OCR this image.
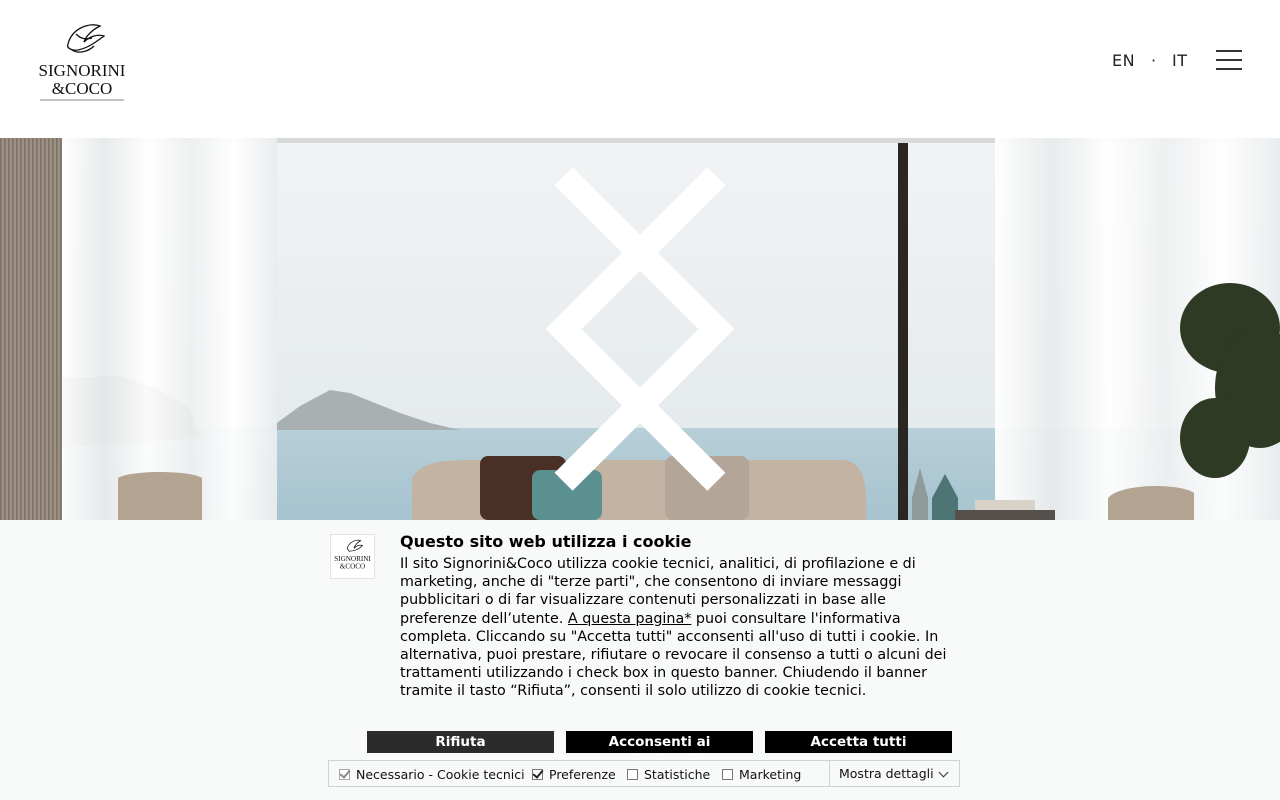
SIGNORINI
&COCO
EN · IT
SIGNORINI
&COCO
Questo sito web utilizza i cookie
Il sito Signorini&Coco utilizza cookie tecnici, analitici, di profilazione e di marketing, anche di "terze parti", che consentono di inviare messaggi pubblicitari o di far visualizzare contenuti personalizzati in base alle preferenze dell’utente. A questa pagina* puoi consultare l'informativa completa. Cliccando su "Accetta tutti" acconsenti all'uso di tutti i cookie. In alternativa, puoi prestare, rifiutare o revocare il consenso a tutti o alcuni dei trattamenti utilizzando i check box in questo banner. Chiudendo il banner tramite il tasto “Rifiuta”, consenti il solo utilizzo di cookie tecnici.
Rifiuta	Acconsenti ai	Accetta tutti
Necessario - Cookie tecnici Preferenze Statistiche Marketing	Mostra dettagli
